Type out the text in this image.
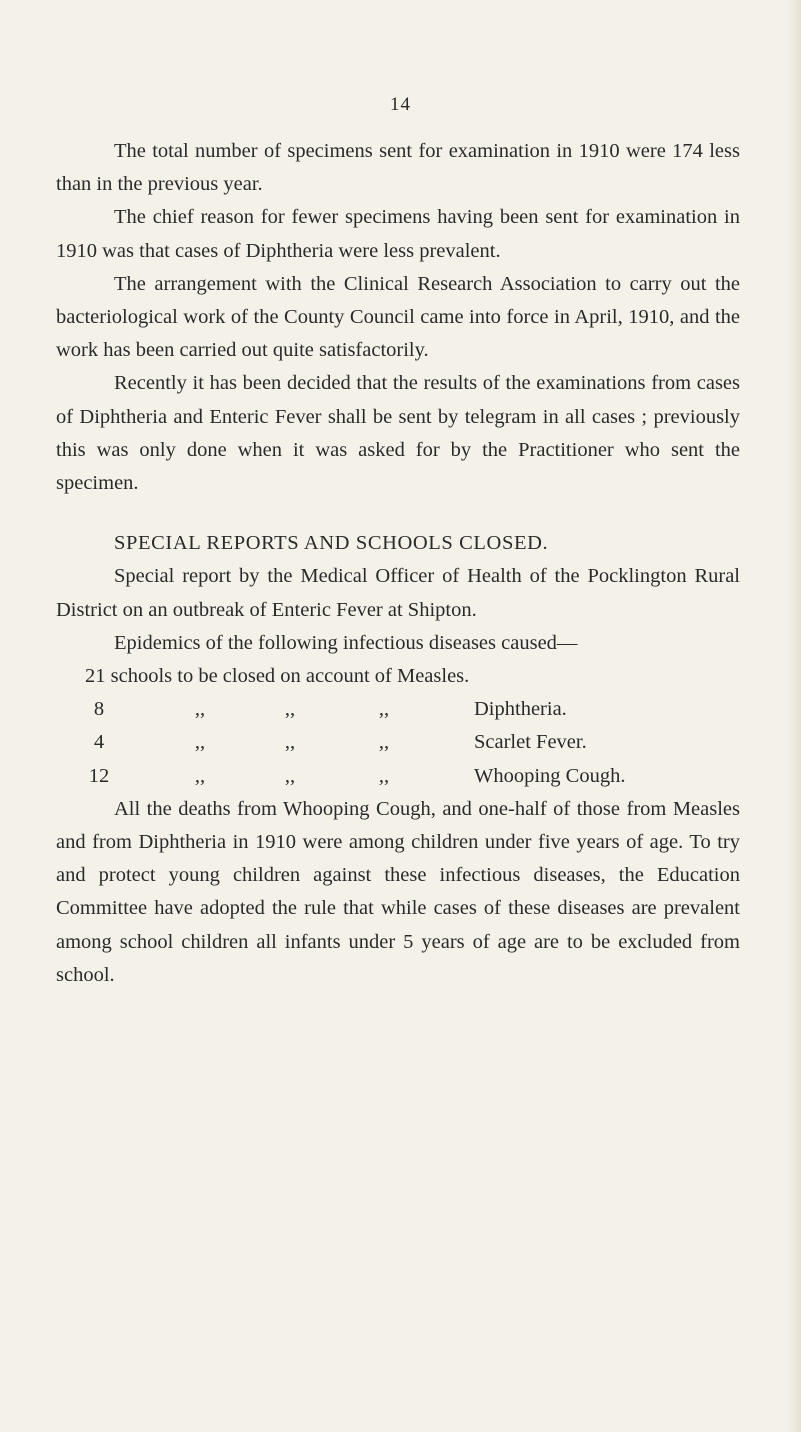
14

The total number of specimens sent for examination in 1910 were 174 less than in the previous year.

The chief reason for fewer specimens having been sent for examination in 1910 was that cases of Diphtheria were less prevalent.

The arrangement with the Clinical Research Association to carry out the bacteriological work of the County Council came into force in April, 1910, and the work has been carried out quite satisfactorily.

Recently it has been decided that the results of the examinations from cases of Diphtheria and Enteric Fever shall be sent by telegram in all cases ; previously this was only done when it was asked for by the Practitioner who sent the specimen.

SPECIAL REPORTS AND SCHOOLS CLOSED.

Special report by the Medical Officer of Health of the Pocklington Rural District on an outbreak of Enteric Fever at Shipton.

Epidemics of the following infectious diseases caused—

21 schools to be closed on account of Measles.
8	,,	,,	,,	Diphtheria.
4	,,	,,	,,	Scarlet Fever.
12	,,	,,	,,	Whooping Cough.

All the deaths from Whooping Cough, and one-half of those from Measles and from Diphtheria in 1910 were among children under five years of age. To try and protect young children against these infectious diseases, the Education Committee have adopted the rule that while cases of these diseases are prevalent among school children all infants under 5 years of age are to be excluded from school.
